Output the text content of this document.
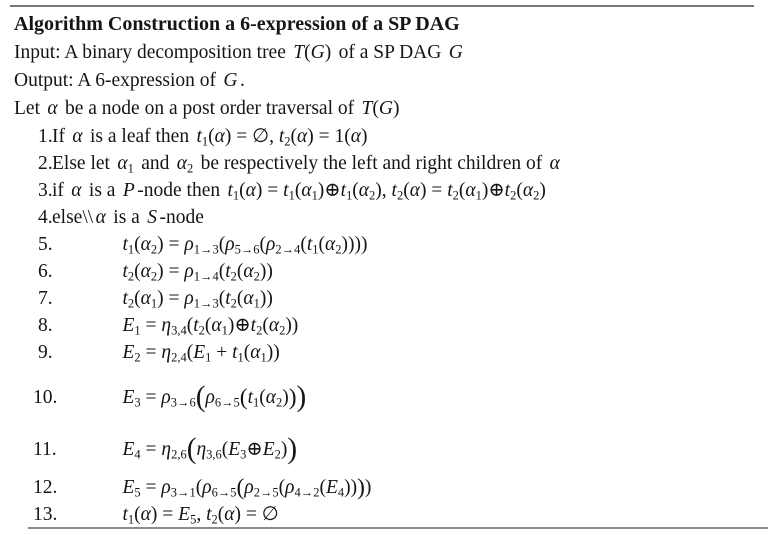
Algorithm Construction a 6-expression of a SP DAG
Input: A binary decomposition tree T(G) of a SP DAG G
Output: A 6-expression of G .
Let α be a node on a post order traversal of T(G)
1. If α is a leaf then $t_1(\alpha)$ = ∅, $t_2(\alpha) = 1(\alpha)$
2. Else let $\alpha_1$ and $\alpha_2$ be respectively the left and right children of α
3. if α is a P -node then $t_1(\alpha)$ = $t_1(\alpha_1)\oplus t_1(\alpha_2)$, $t_2(\alpha)$ = $t_2(\alpha_1)\oplus t_2(\alpha_2)$
4. else\\ α is a S -node
5.	$t_1(\alpha_2) = \rho_{1\to 3}(\rho_{5\to 6}(\rho_{2\to 4}(t_1(\alpha_2))))$
6.	$t_2(\alpha_2) = \rho_{1\to 4}(t_2(\alpha_2))$
7.	$t_2(\alpha_1) = \rho_{1\to 3}(t_2(\alpha_1))$
8.	$E_1$ = $\eta_{3,4}(t_2(\alpha_1)\oplus t_2(\alpha_2))$
9.	$E_2 = \eta_{2,4}(E_1 + t_1(\alpha_1))$
10.	$E_3 = \rho_{3\to 6}(\rho_{6\to 5}(t_1(\alpha_2)))$
11.	$E_4$ = $\eta_{2,6}(\eta_{3,6}(E_3\oplus E_2))$
12.	$E_5 = \rho_{3\to 1}(\rho_{6\to 5}(\rho_{2\to 5}(\rho_{4\to 2}(E_4))))$
13.	$t_1(\alpha) = E_5$, $t_2(\alpha)$ = ∅
